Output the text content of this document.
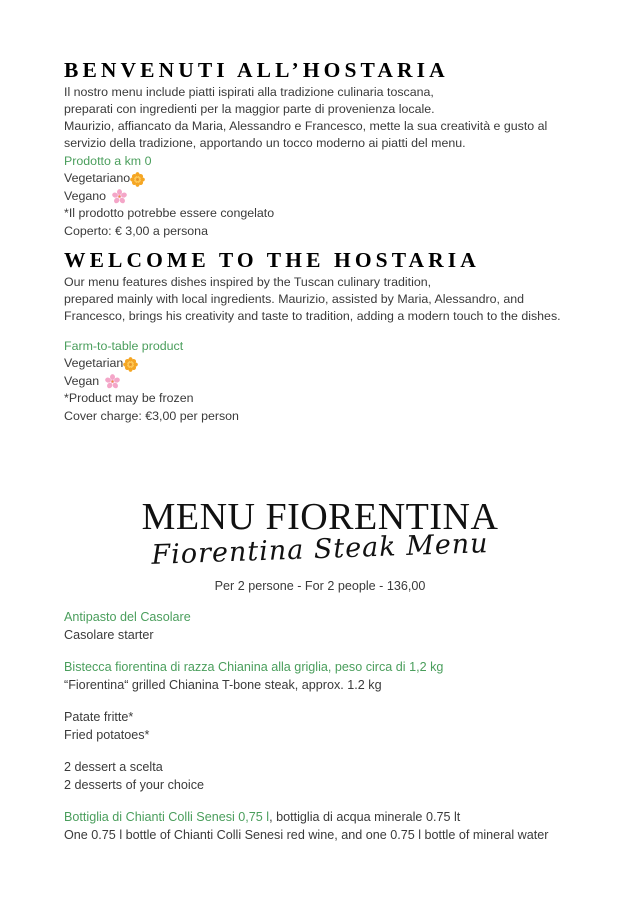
BENVENUTI ALL’HOSTARIA

Il nostro menu include piatti ispirati alla tradizione culinaria toscana,

preparati con ingredienti per la maggior parte di provenienza locale.

Maurizio, affiancato da Maria, Alessandro e Francesco, mette la sua creatività e gusto al

servizio della tradizione, apportando un tocco moderno ai piatti del menu.

Prodotto a km 0

Vegetariano

Vegano

*Il prodotto potrebbe essere congelato

Coperto: € 3,00 a persona

WELCOME TO THE HOSTARIA

Our menu features dishes inspired by the Tuscan culinary tradition,

prepared mainly with local ingredients. Maurizio, assisted by Maria, Alessandro, and

Francesco, brings his creativity and taste to tradition, adding a modern touch to the dishes.

Farm-to-table product

Vegetarian

Vegan

*Product may be frozen

Cover charge: €3,00 per person

MENU FIORENTINA

Fiorentina Steak Menu

Per 2 persone - For 2 people - 136,00

Antipasto del Casolare

Casolare starter

Bistecca fiorentina di razza Chianina alla griglia, peso circa di 1,2 kg

“Fiorentina“ grilled Chianina T-bone steak, approx. 1.2 kg

Patate fritte*

Fried potatoes*

2 dessert a scelta

2 desserts of your choice

Bottiglia di Chianti Colli Senesi 0,75 l, bottiglia di acqua minerale 0.75 lt

One 0.75 l bottle of Chianti Colli Senesi red wine, and one 0.75 l bottle of mineral water
